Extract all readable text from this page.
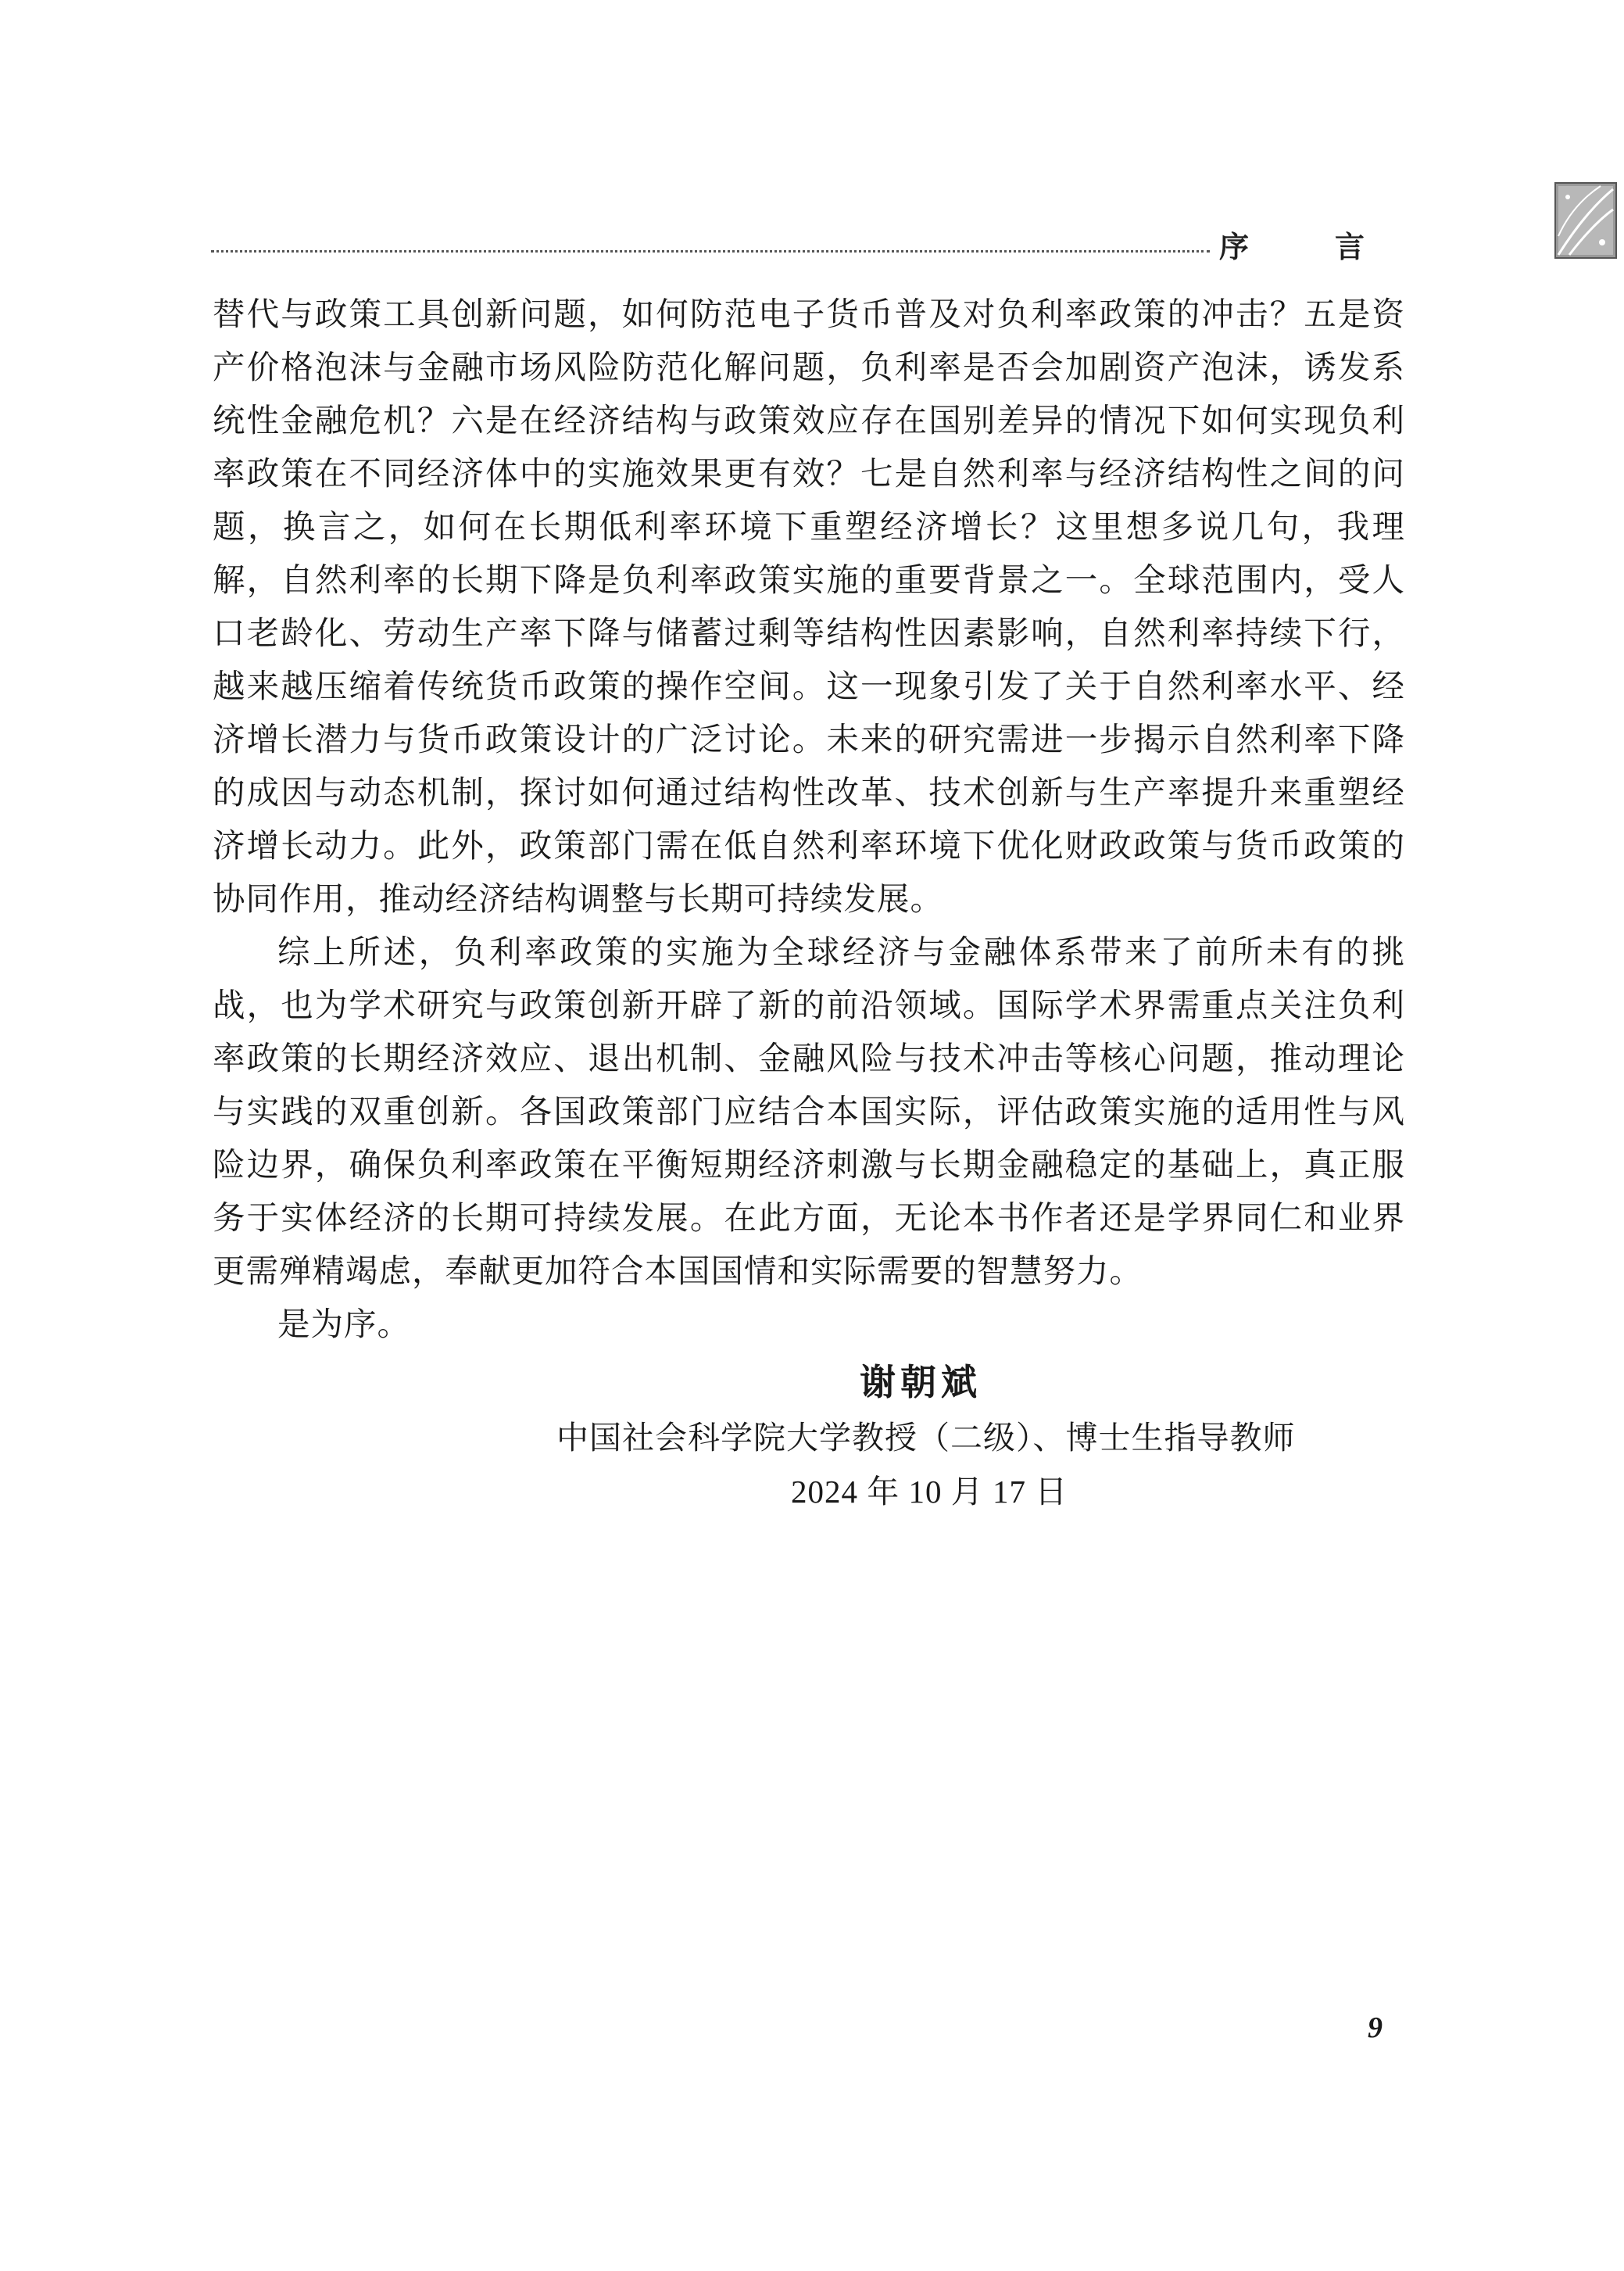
序言

替代与政策工具创新问题，如何防范电子货币普及对负利率政策的冲击？五是资产价格泡沫与金融市场风险防范化解问题，负利率是否会加剧资产泡沫，诱发系统性金融危机？六是在经济结构与政策效应存在国别差异的情况下如何实现负利率政策在不同经济体中的实施效果更有效？七是自然利率与经济结构性之间的问题，换言之，如何在长期低利率环境下重塑经济增长？这里想多说几句，我理解，自然利率的长期下降是负利率政策实施的重要背景之一。全球范围内，受人口老龄化、劳动生产率下降与储蓄过剩等结构性因素影响，自然利率持续下行，越来越压缩着传统货币政策的操作空间。这一现象引发了关于自然利率水平、经济增长潜力与货币政策设计的广泛讨论。未来的研究需进一步揭示自然利率下降的成因与动态机制，探讨如何通过结构性改革、技术创新与生产率提升来重塑经济增长动力。此外，政策部门需在低自然利率环境下优化财政政策与货币政策的协同作用，推动经济结构调整与长期可持续发展。

综上所述，负利率政策的实施为全球经济与金融体系带来了前所未有的挑战，也为学术研究与政策创新开辟了新的前沿领域。国际学术界需重点关注负利率政策的长期经济效应、退出机制、金融风险与技术冲击等核心问题，推动理论与实践的双重创新。各国政策部门应结合本国实际，评估政策实施的适用性与风险边界，确保负利率政策在平衡短期经济刺激与长期金融稳定的基础上，真正服务于实体经济的长期可持续发展。在此方面，无论本书作者还是学界同仁和业界更需殚精竭虑，奉献更加符合本国国情和实际需要的智慧努力。

是为序。

谢朝斌
中国社会科学院大学教授（二级）、博士生指导教师
2024 年 10 月 17 日
9
